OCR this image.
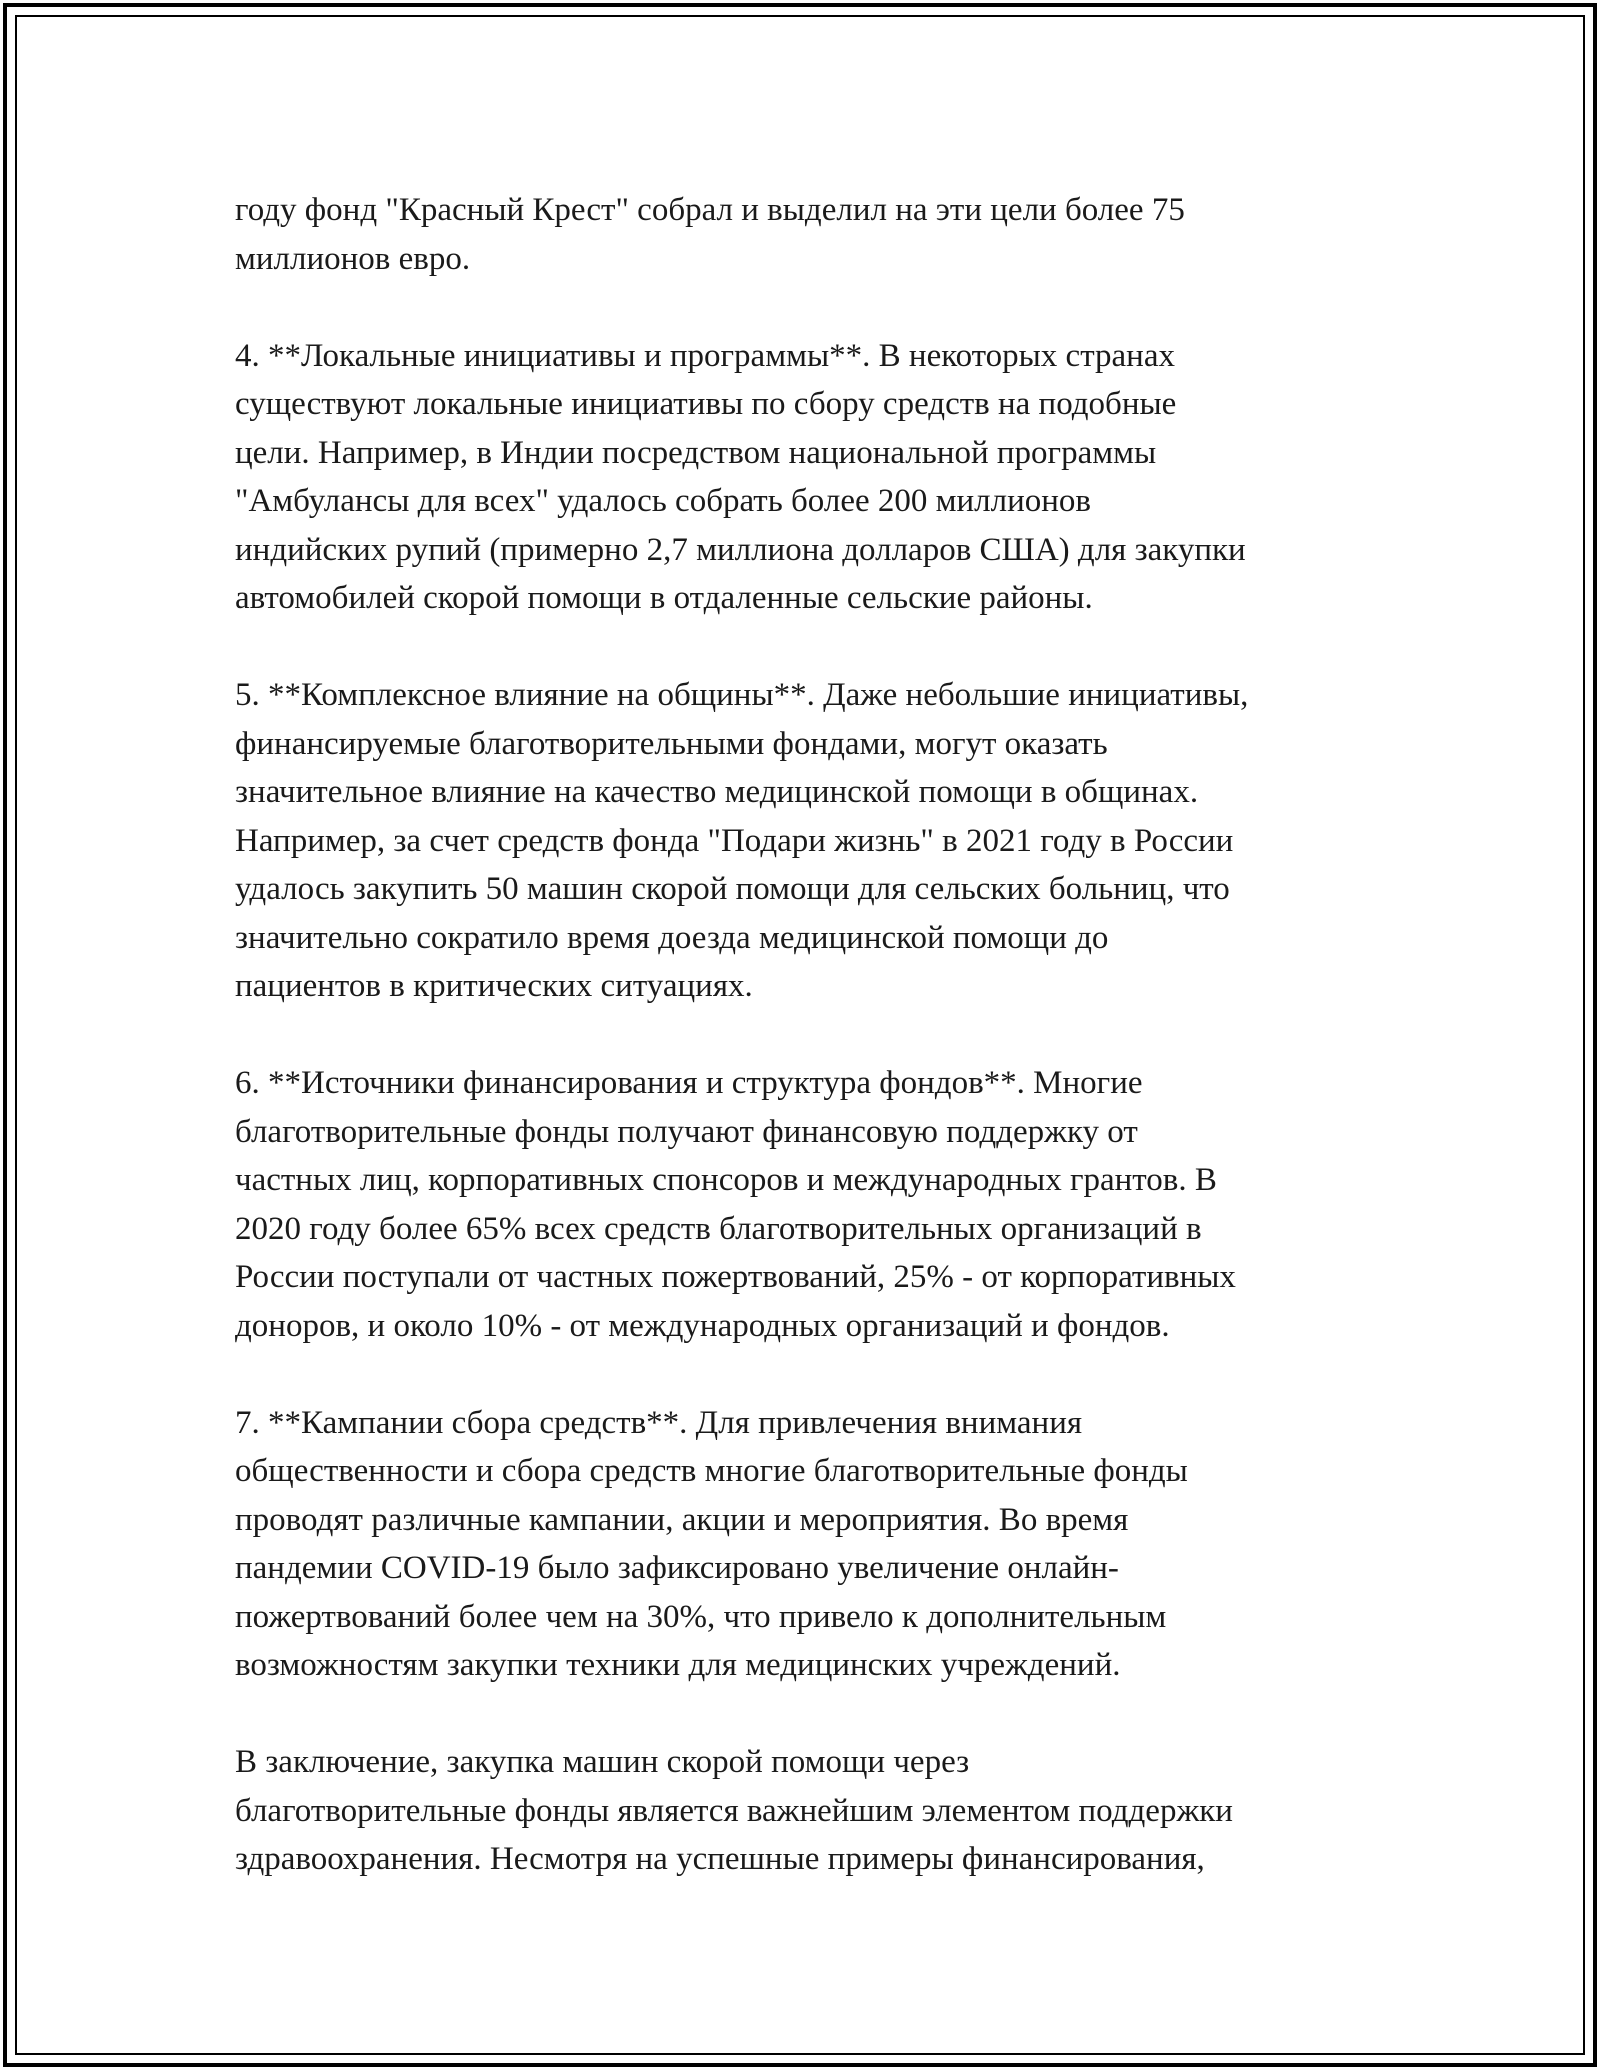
году фонд "Красный Крест" собрал и выделил на эти цели более 75
миллионов евро.
4. **Локальные инициативы и программы**. В некоторых странах
существуют локальные инициативы по сбору средств на подобные
цели. Например, в Индии посредством национальной программы
"Амбулансы для всех" удалось собрать более 200 миллионов
индийских рупий (примерно 2,7 миллиона долларов США) для закупки
автомобилей скорой помощи в отдаленные сельские районы.
5. **Комплексное влияние на общины**. Даже небольшие инициативы,
финансируемые благотворительными фондами, могут оказать
значительное влияние на качество медицинской помощи в общинах.
Например, за счет средств фонда "Подари жизнь" в 2021 году в России
удалось закупить 50 машин скорой помощи для сельских больниц, что
значительно сократило время доезда медицинской помощи до
пациентов в критических ситуациях.
6. **Источники финансирования и структура фондов**. Многие
благотворительные фонды получают финансовую поддержку от
частных лиц, корпоративных спонсоров и международных грантов. В
2020 году более 65% всех средств благотворительных организаций в
России поступали от частных пожертвований, 25% - от корпоративных
доноров, и около 10% - от международных организаций и фондов.
7. **Кампании сбора средств**. Для привлечения внимания
общественности и сбора средств многие благотворительные фонды
проводят различные кампании, акции и мероприятия. Во время
пандемии COVID-19 было зафиксировано увеличение онлайн-
пожертвований более чем на 30%, что привело к дополнительным
возможностям закупки техники для медицинских учреждений.
В заключение, закупка машин скорой помощи через
благотворительные фонды является важнейшим элементом поддержки
здравоохранения. Несмотря на успешные примеры финансирования,
